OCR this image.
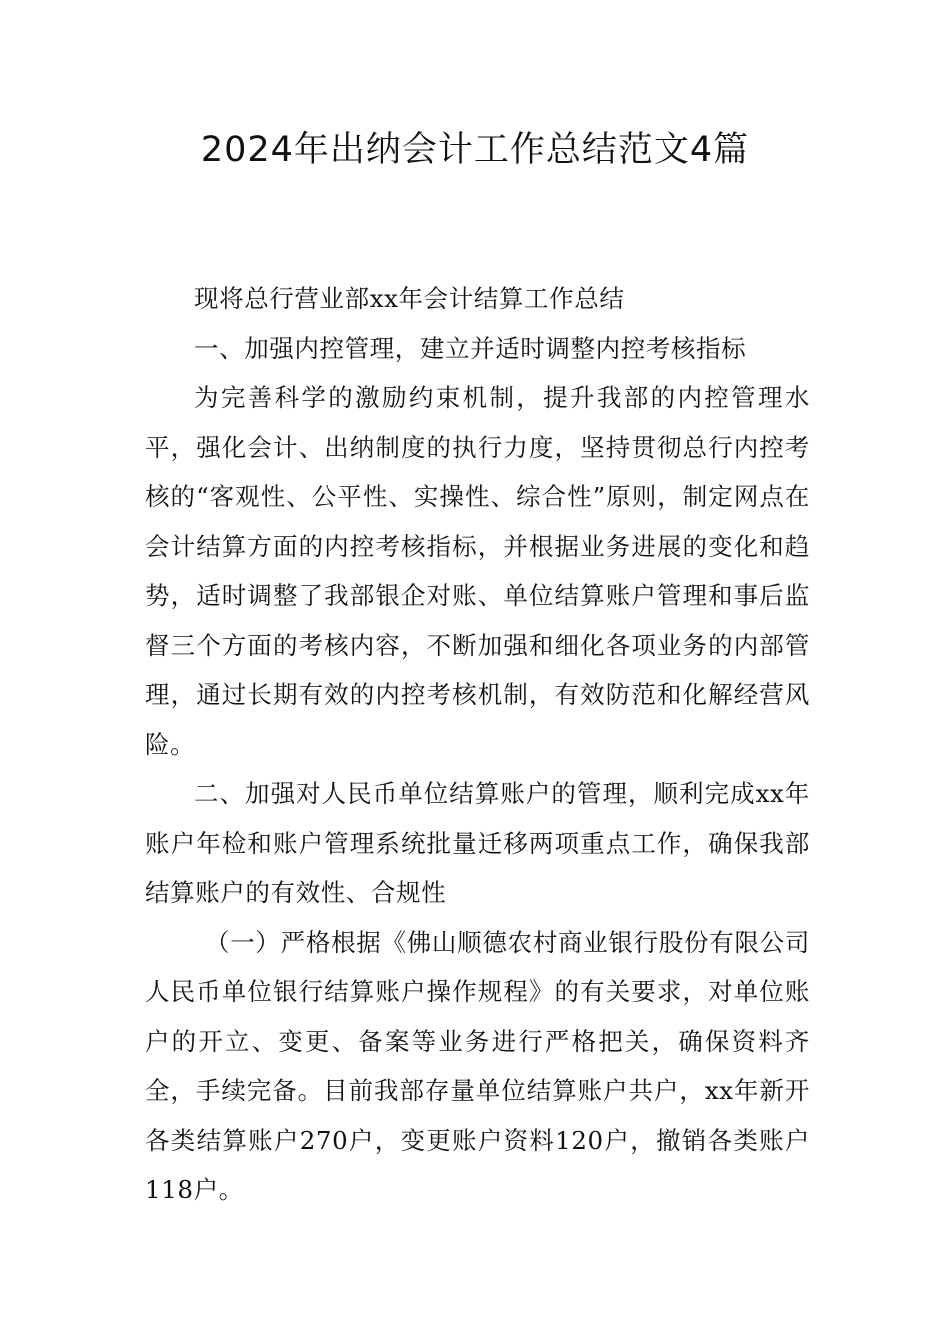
2024年出纳会计工作总结范文4篇

现将总行营业部xx年会计结算工作总结

一、加强内控管理，建立并适时调整内控考核指标

为完善科学的激励约束机制，提升我部的内控管理水平，强化会计、出纳制度的执行力度，坚持贯彻总行内控考核的“客观性、公平性、实操性、综合性”原则，制定网点在会计结算方面的内控考核指标，并根据业务进展的变化和趋势，适时调整了我部银企对账、单位结算账户管理和事后监督三个方面的考核内容，不断加强和细化各项业务的内部管理，通过长期有效的内控考核机制，有效防范和化解经营风险。

二、加强对人民币单位结算账户的管理，顺利完成xx年账户年检和账户管理系统批量迁移两项重点工作，确保我部结算账户的有效性、合规性

（一）严格根据《佛山顺德农村商业银行股份有限公司人民币单位银行结算账户操作规程》的有关要求，对单位账户的开立、变更、备案等业务进行严格把关，确保资料齐全，手续完备。目前我部存量单位结算账户共户，xx年新开各类结算账户270户，变更账户资料120户，撤销各类账户118户。
